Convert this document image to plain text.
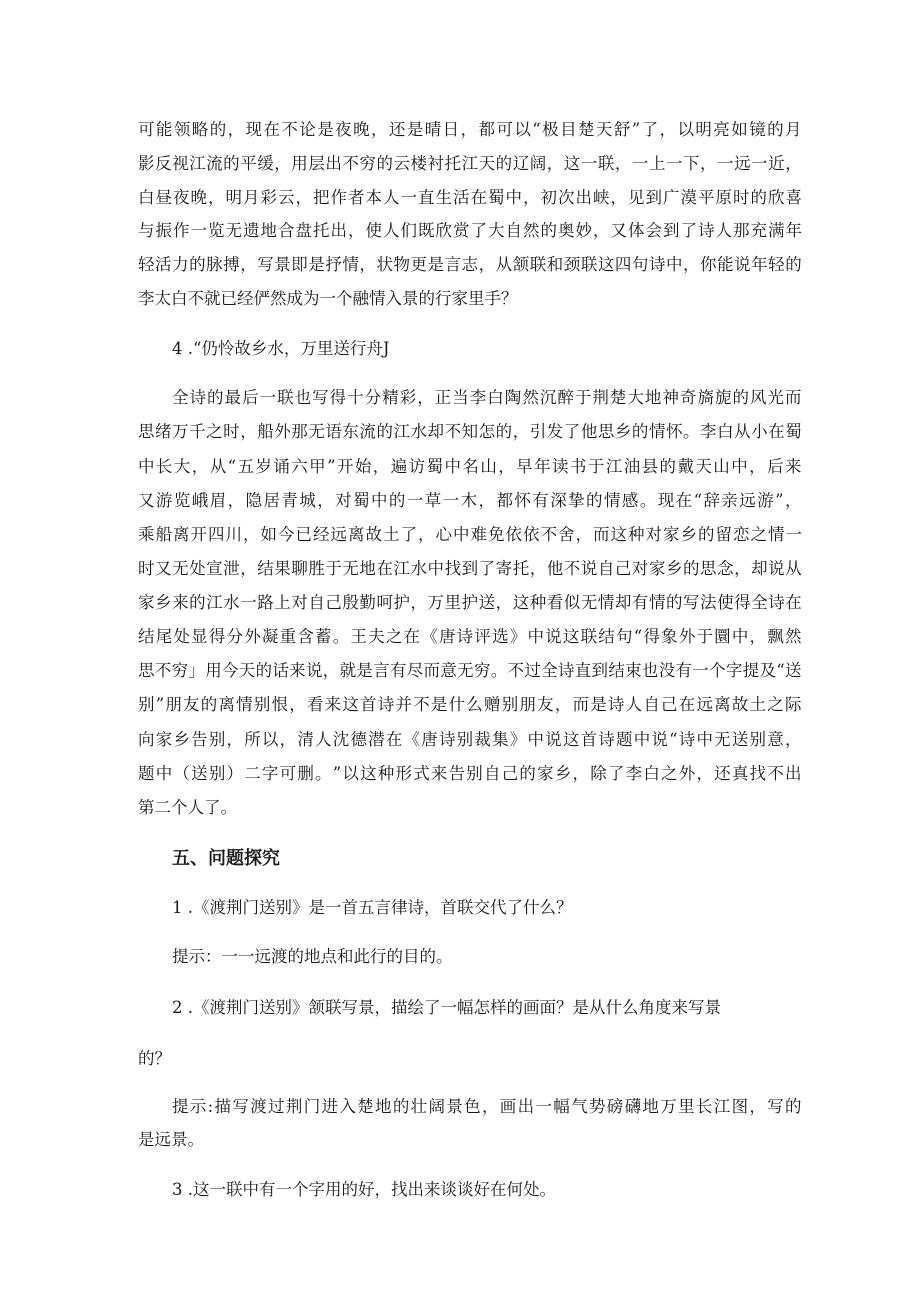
可 能 领 略 的 ， 现 在 不 论 是 夜 晚 ， 还 是 晴 日 ， 都 可 以 “ 极 目 楚 天 舒 ” 了 ， 以 明 亮 如 镜 的 月
影 反 视 江 流 的 平 缓 ， 用 层 出 不 穷 的 云 楼 衬 托 江 天 的 辽 阔 ， 这 一 联 ， 一 上 一 下 ， 一 远 一 近 ，
白 昼 夜 晚 ， 明 月 彩 云 ， 把 作 者 本 人 一 直 生 活 在 蜀 中 ， 初 次 出 峡 ， 见 到 广 漠 平 原 时 的 欣 喜
与 振 作 一 览 无 遗 地 合 盘 托 出 ， 使 人 们 既 欣 赏 了 大 自 然 的 奥 妙 ， 又 体 会 到 了 诗 人 那 充 满 年
轻 活 力 的 脉 搏 ， 写 景 即 是 抒 情 ， 状 物 更 是 言 志 ， 从 颔 联 和 颈 联 这 四 句 诗 中 ， 你 能 说 年 轻 的
李太白不就已经俨然成为一个融情入景的行家里手？
4 .“仍怜故乡水，万里送行舟J
全 诗 的 最 后 一 联 也 写 得 十 分 精 彩 ， 正 当 李 白 陶 然 沉 醉 于 荆 楚 大 地 神 奇 旖 旎 的 风 光 而
思 绪 万 千 之 时 ， 船 外 那 无 语 东 流 的 江 水 却 不 知 怎 的 ， 引 发 了 他 思 乡 的 情 怀 。 李 白 从 小 在 蜀
中 长 大 ， 从 “ 五 岁 诵 六 甲 ” 开 始 ， 遍 访 蜀 中 名 山 ， 早 年 读 书 于 江 油 县 的 戴 天 山 中 ， 后 来
又 游 览 峨 眉 ， 隐 居 青 城 ， 对 蜀 中 的 一 草 一 木 ， 都 怀 有 深 挚 的 情 感 。 现 在 “ 辞 亲 远 游 ” ，
乘 船 离 开 四 川 ， 如 今 已 经 远 离 故 土 了 ， 心 中 难 免 依 依 不 舍 ， 而 这 种 对 家 乡 的 留 恋 之 情 一
时 又 无 处 宣 泄 ， 结 果 聊 胜 于 无 地 在 江 水 中 找 到 了 寄 托 ， 他 不 说 自 己 对 家 乡 的 思 念 ， 却 说 从
家 乡 来 的 江 水 一 路 上 对 自 己 殷 勤 呵 护 ， 万 里 护 送 ， 这 种 看 似 无 情 却 有 情 的 写 法 使 得 全 诗 在
结 尾 处 显 得 分 外 凝 重 含 蓄 。 王 夫 之 在 《 唐 诗 评 选 》 中 说 这 联 结 句 “ 得 象 外 于 圜 中 ， 飘 然
思 不 穷 」 用 今 天 的 话 来 说 ， 就 是 言 有 尽 而 意 无 穷 。 不 过 全 诗 直 到 结 束 也 没 有 一 个 字 提 及 “ 送
别 ” 朋 友 的 离 情 别 恨 ， 看 来 这 首 诗 并 不 是 什 么 赠 别 朋 友 ， 而 是 诗 人 自 己 在 远 离 故 土 之 际
向 家 乡 告 别 ， 所 以 ， 清 人 沈 德 潜 在 《 唐 诗 别 裁 集 》 中 说 这 首 诗 题 中 说 “ 诗 中 无 送 别 意 ，
题 中 （ 送 别 ） 二 字 可 删 。 ” 以 这 种 形 式 来 告 别 自 己 的 家 乡 ， 除 了 李 白 之 外 ， 还 真 找 不 出
第二个人了。
五、问题探究
1 .《渡荆门送别》是一首五言律诗，首联交代了什么？
提示：一一远渡的地点和此行的目的。
2 .《渡荆门送别》颔联写景，描绘了一幅怎样的画面？是从什么角度来写景
的？
提 示 : 描 写 渡 过 荆 门 进 入 楚 地 的 壮 阔 景 色 ， 画 出 一 幅 气 势 磅 礴 地 万 里 长 江 图 ， 写 的
是远景。
3 .这一联中有一个字用的好，找出来谈谈好在何处。
